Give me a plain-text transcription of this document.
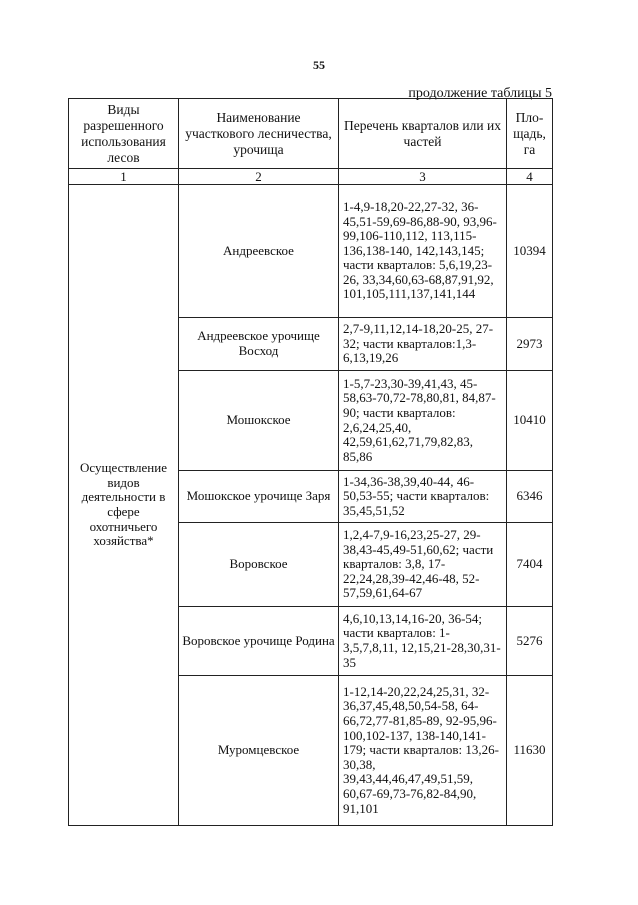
55
продолжение таблицы 5
Виды разрешенного использования лесов	Наименование участкового лесничества, урочища	Перечень кварталов или их частей	Пло-щадь, га
1	2	3	4
Осуществление видов деятельности в сфере охотничьего хозяйства*	Андреевское	1-4,9-18,20-22,27-32, 36-45,51-59,69-86,88-90, 93,96-99,106-110,112, 113,115-136,138-140, 142,143,145; части кварталов: 5,6,19,23-26, 33,34,60,63-68,87,91,92, 101,105,111,137,141,144	10394
	Андреевское урочище Восход	2,7-9,11,12,14-18,20-25, 27-32; части кварталов:1,3-6,13,19,26	2973
	Мошокское	1-5,7-23,30-39,41,43, 45-58,63-70,72-78,80,81, 84,87-90; части кварталов: 2,6,24,25,40, 42,59,61,62,71,79,82,83, 85,86	10410
	Мошокское урочище Заря	1-34,36-38,39,40-44, 46-50,53-55; части кварталов: 35,45,51,52	6346
	Воровское	1,2,4-7,9-16,23,25-27, 29-38,43-45,49-51,60,62; части кварталов: 3,8, 17-22,24,28,39-42,46-48, 52-57,59,61,64-67	7404
	Воровское урочище Родина	4,6,10,13,14,16-20, 36-54; части кварталов: 1-3,5,7,8,11, 12,15,21-28,30,31-35	5276
	Муромцевское	1-12,14-20,22,24,25,31, 32-36,37,45,48,50,54-58, 64-66,72,77-81,85-89, 92-95,96-100,102-137, 138-140,141-179; части кварталов: 13,26-30,38, 39,43,44,46,47,49,51,59, 60,67-69,73-76,82-84,90, 91,101	11630
